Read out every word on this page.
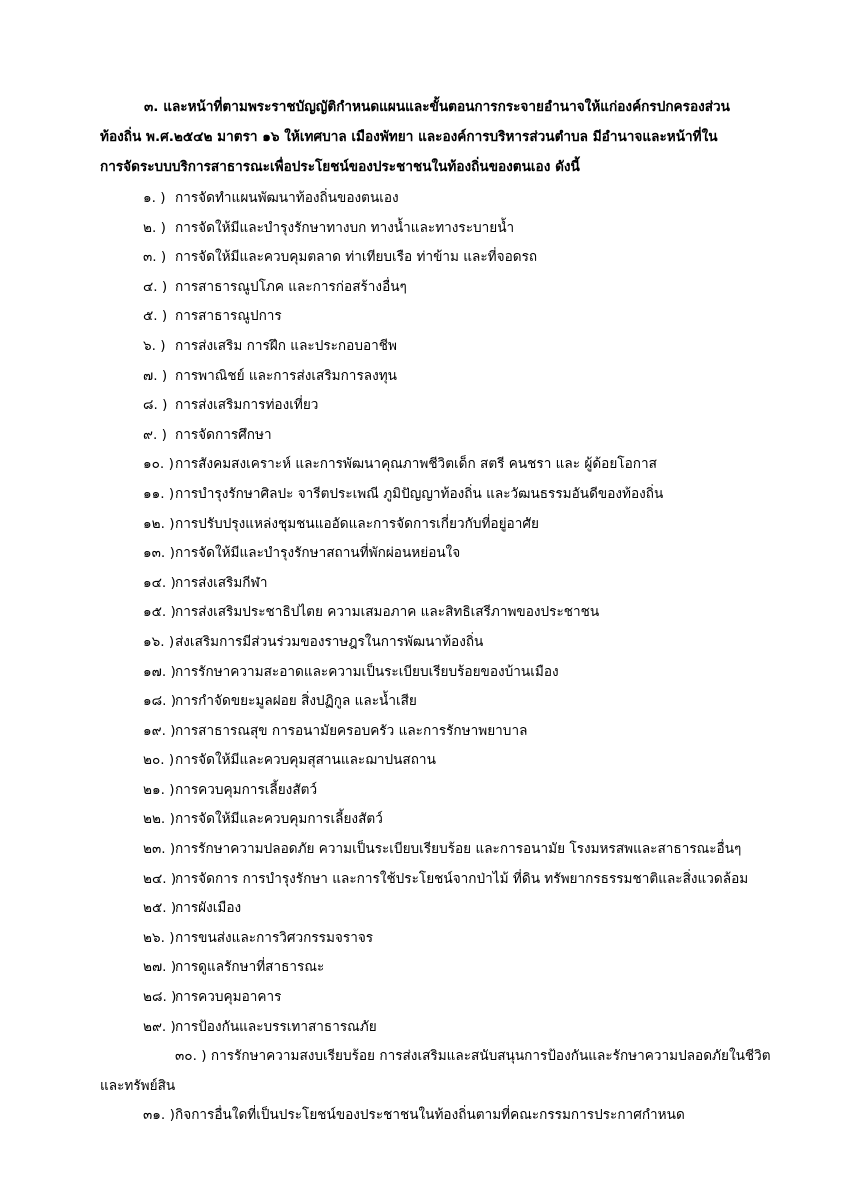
๓. และหน้าที่ตามพระราชบัญญัติกำหนดแผนและขั้นตอนการกระจายอำนาจให้แก่องค์กรปกครองส่วน
ท้องถิ่น พ.ศ.๒๕๔๒ มาตรา ๑๖ ให้เทศบาล เมืองพัทยา และองค์การบริหารส่วนตำบล มีอำนาจและหน้าที่ใน
การจัดระบบบริการสาธารณะเพื่อประโยชน์ของประชาชนในท้องถิ่นของตนเอง ดังนี้

๑. ) การจัดทำแผนพัฒนาท้องถิ่นของตนเอง
๒. ) การจัดให้มีและบำรุงรักษาทางบก ทางน้ำและทางระบายน้ำ
๓. ) การจัดให้มีและควบคุมตลาด ท่าเทียบเรือ ท่าข้าม และที่จอดรถ
๔. ) การสาธารณูปโภค และการก่อสร้างอื่นๆ
๕. ) การสาธารณูปการ
๖. ) การส่งเสริม การฝึก และประกอบอาชีพ
๗. ) การพาณิชย์ และการส่งเสริมการลงทุน
๘. ) การส่งเสริมการท่องเที่ยว
๙. ) การจัดการศึกษา
๑๐. ) การสังคมสงเคราะห์ และการพัฒนาคุณภาพชีวิตเด็ก สตรี คนชรา และ ผู้ด้อยโอกาส
๑๑. ) การบำรุงรักษาศิลปะ จารีตประเพณี ภูมิปัญญาท้องถิ่น และวัฒนธรรมอันดีของท้องถิ่น
๑๒. ) การปรับปรุงแหล่งชุมชนแออัดและการจัดการเกี่ยวกับที่อยู่อาศัย
๑๓. ) การจัดให้มีและบำรุงรักษาสถานที่พักผ่อนหย่อนใจ
๑๔. ) การส่งเสริมกีฬา
๑๕. ) การส่งเสริมประชาธิปไตย ความเสมอภาค และสิทธิเสรีภาพของประชาชน
๑๖. ) ส่งเสริมการมีส่วนร่วมของราษฎรในการพัฒนาท้องถิ่น
๑๗. ) การรักษาความสะอาดและความเป็นระเบียบเรียบร้อยของบ้านเมือง
๑๘. )
การกำจัดขยะมูลฝอย สิ่งปฏิกูล และน้ำเสีย
๑๙. ) การสาธารณสุข การอนามัยครอบครัว และการรักษาพยาบาล
๒๐. ) การจัดให้มีและควบคุมสุสานและฌาปนสถาน
๒๑. ) การควบคุมการเลี้ยงสัตว์
๒๒. ) การจัดให้มีและควบคุมการเลี้ยงสัตว์
๒๓. ) การรักษาความปลอดภัย ความเป็นระเบียบเรียบร้อย และการอนามัย โรงมหรสพและสาธารณะอื่นๆ
๒๔. )
การจัดการ การบำรุงรักษา และการใช้ประโยชน์จากป่าไม้ ที่ดิน ทรัพยากรธรรมชาติและสิ่งแวดล้อม
๒๕. )
การผังเมือง
๒๖. ) การขนส่งและการวิศวกรรมจราจร
๒๗. )
การดูแลรักษาที่สาธารณะ
๒๘. )
การควบคุมอาคาร
๒๙. ) การป้องกันและบรรเทาสาธารณภัย
๓๐. ) การรักษาความสงบเรียบร้อย การส่งเสริมและสนับสนุนการป้องกันและรักษาความปลอดภัยในชีวิต
และทรัพย์สิน
๓๑. ) กิจการอื่นใดที่เป็นประโยชน์ของประชาชนในท้องถิ่นตามที่คณะกรรมการประกาศกำหนด
